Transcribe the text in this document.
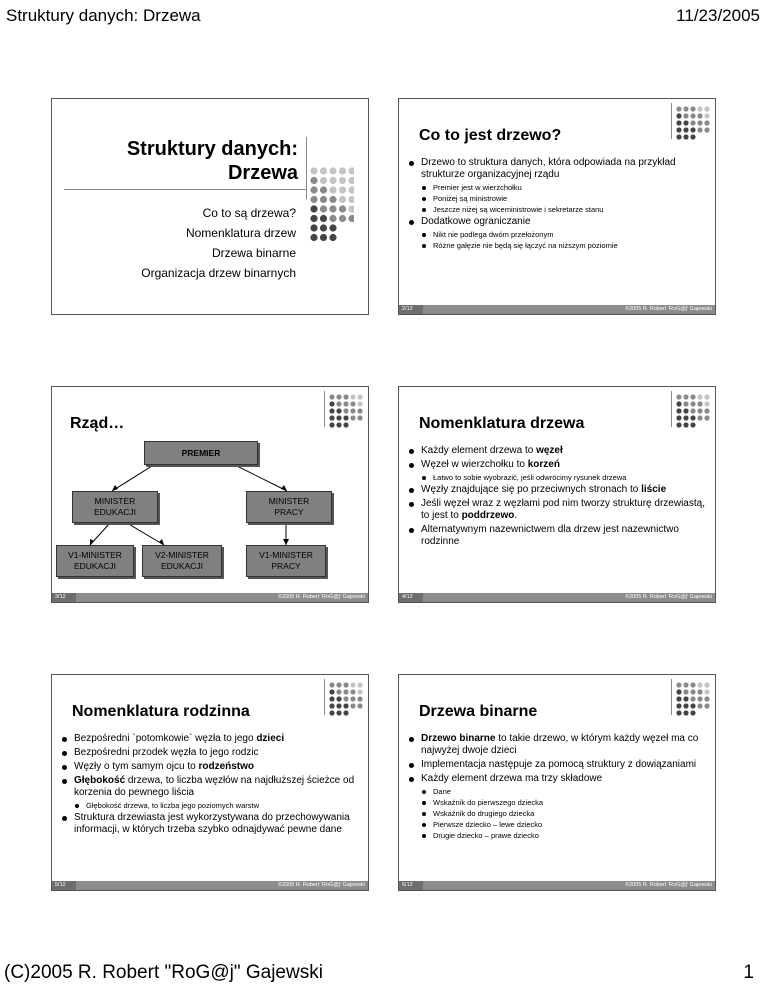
Struktury danych: Drzewa	11/23/2005
Struktury danych:
Drzewa
Co to są drzewa?
Nomenklatura drzew
Drzewa binarne
Organizacja drzew binarnych
Co to jest drzewo?
Drzewo to struktura danych, która odpowiada na przykład strukturze organizacyjnej rządu
Premier jest w wierzchołku
Poniżej są ministrowie
Jeszcze niżej są wiceministrowie i sekretarze stanu
Dodatkowe ograniczanie
Nikt nie podlega dwóm przełożonym
Różne gałęzie nie będą się łączyć na niższym poziomie
2/12	©2005 R. Robert 'RoG@j' Gajewski
Rząd…
PREMIER
MINISTER
EDUKACJI
MINISTER
PRACY
V1-MINISTER
EDUKACJI
V2-MINISTER
EDUKACJI
V1-MINISTER
PRACY
3/12	©2005 R. Robert 'RoG@j' Gajewski
Nomenklatura drzewa
Każdy element drzewa to węzeł
Węzeł w wierzchołku to korzeń
Łatwo to sobie wyobrazić, jeśli odwrócimy rysunek drzewa
Węzły znajdujące się po przeciwnych stronach to liście
Jeśli węzeł wraz z węzłami pod nim tworzy strukturę drzewiastą, to jest to poddrzewo.
Alternatywnym nazewnictwem dla drzew jest nazewnictwo rodzinne
4/12	©2005 R. Robert 'RoG@j' Gajewski
Nomenklatura rodzinna
Bezpośredni `potomkowie` węzła to jego dzieci
Bezpośredni przodek węzła to jego rodzic
Węzły o tym samym ojcu to rodzeństwo
Głębokość drzewa, to liczba węzłów na najdłuższej ścieżce od korzenia do pewnego liścia
Głębokość drzewa, to liczba jego poziomych warstw
Struktura drzewiasta jest wykorzystywana do przechowywania informacji, w których trzeba szybko odnajdywać pewne dane
5/12	©2005 R. Robert 'RoG@j' Gajewski
Drzewa binarne
Drzewo binarne to takie drzewo, w którym każdy węzeł ma co najwyżej dwoje dzieci
Implementacja następuje za pomocą struktury z dowiązaniami
Każdy element drzewa ma trzy składowe
Dane
Wskaźnik do pierwszego dziecka
Wskaźnik do drugiego dziecka
Pierwsze dziecko – lewe dziecko
Drugie dziecko – prawe dziecko
6/12	©2005 R. Robert 'RoG@j' Gajewski
(C)2005 R. Robert "RoG@j" Gajewski	1
